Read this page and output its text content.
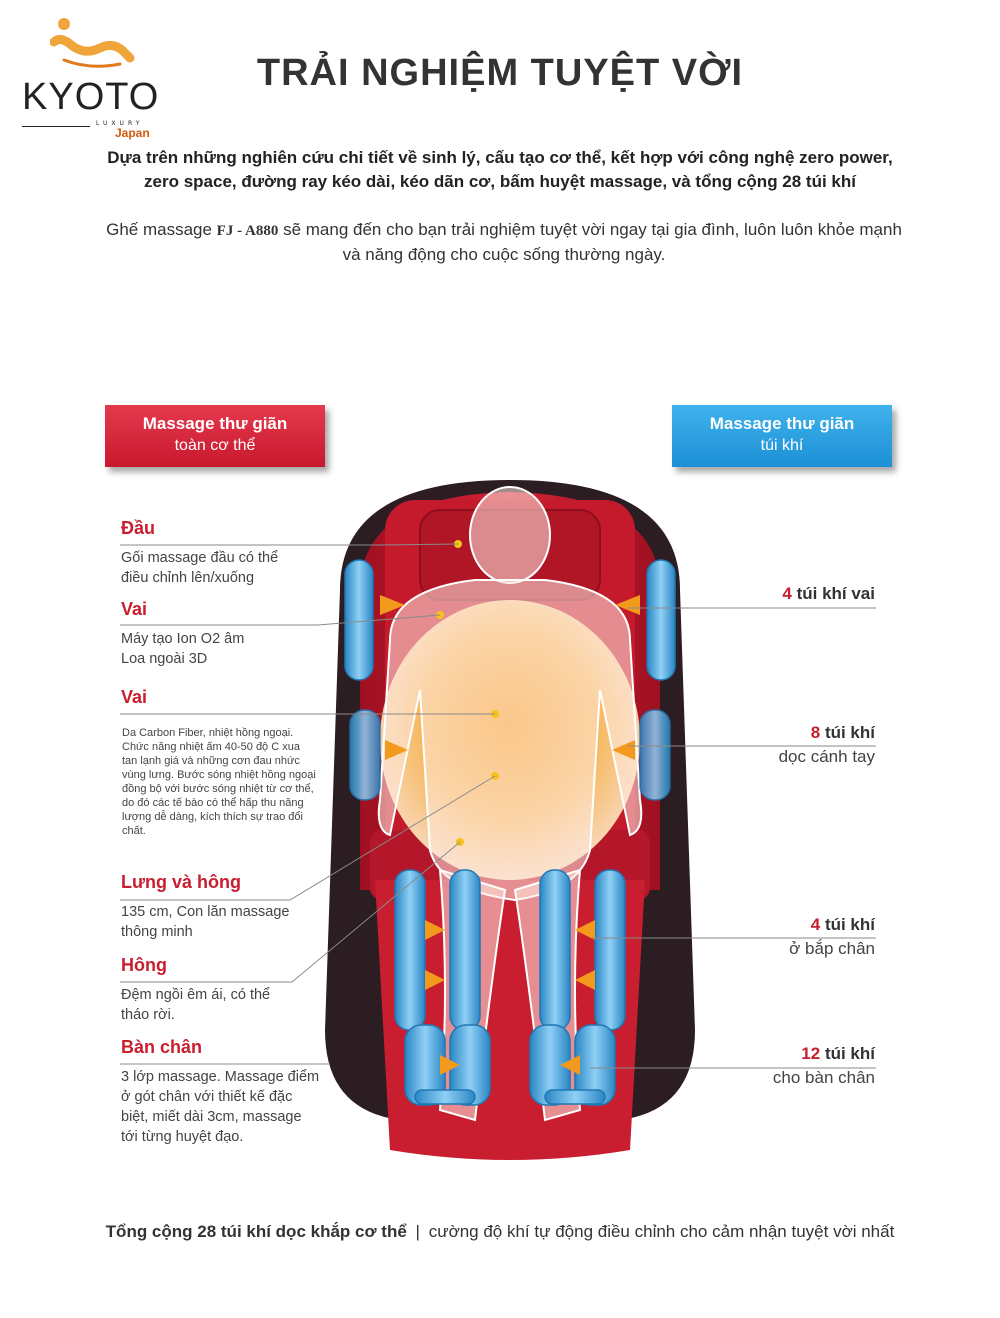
KYOTO
LUXURY
Japan
TRẢI NGHIỆM TUYỆT VỜI
Dựa trên những nghiên cứu chi tiết về sinh lý, cấu tạo cơ thể, kết hợp với công nghệ zero power, zero space, đường ray kéo dài, kéo dãn cơ, bấm huyệt massage, và tổng cộng 28 túi khí
Ghế massage FJ - A880 sẽ mang đến cho bạn trải nghiệm tuyệt vời ngay tại gia đình, luôn luôn khỏe mạnh và năng động cho cuộc sống thường ngày.
Massage thư giãn
toàn cơ thể
Massage thư giãn
túi khí
Đầu
Gối massage đầu có thể
điều chỉnh lên/xuống
Vai
Máy tạo Ion O2 âm
Loa ngoài 3D
Vai
Da Carbon Fiber, nhiệt hồng ngoại. Chức năng nhiệt ấm 40-50 độ C xua tan lạnh giá và những cơn đau nhức vùng lưng. Bước sóng nhiệt hồng ngoại đồng bộ với bước sóng nhiệt từ cơ thể, do đó các tế bào có thể hấp thu năng lượng dễ dàng, kích thích sự trao đổi chất.
Lưng và hông
135 cm, Con lăn massage
thông minh
Hông
Đệm ngồi êm ái, có thể
tháo rời.
Bàn chân
3 lớp massage. Massage điểm
ở gót chân với thiết kế đặc
biệt, miết dài 3cm, massage
tới từng huyệt đạo.
4 túi khí vai
8 túi khí
dọc cánh tay
4 túi khí
ở bắp chân
12 túi khí
cho bàn chân
Tổng cộng 28 túi khí dọc khắp cơ thể | cường độ khí tự động điều chỉnh cho cảm nhận tuyệt vời nhất
